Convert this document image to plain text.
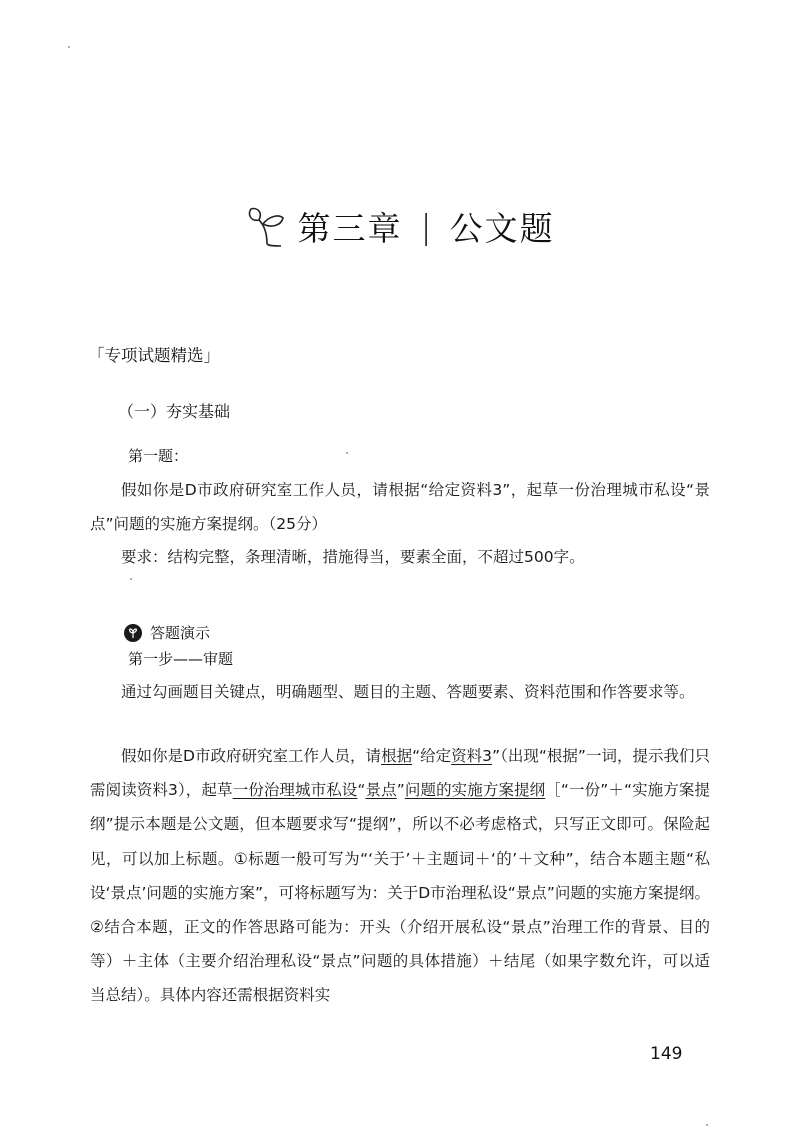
第三章 | 公文题
「专项试题精选」
（一）夯实基础
第一题：
假如你是D市政府研究室工作人员，请根据“给定资料3”，起草一份治理城市私设“景点”问题的实施方案提纲。（25分）
要求：结构完整，条理清晰，措施得当，要素全面，不超过500字。
答题演示
第一步——审题
通过勾画题目关键点，明确题型、题目的主题、答题要素、资料范围和作答要求等。
假如你是D市政府研究室工作人员，请根据“给定资料3”（出现“根据”一词，提示我们只需阅读资料3），起草一份治理城市私设“景点”问题的实施方案提纲［“一份”＋“实施方案提纲”提示本题是公文题，但本题要求写“提纲”，所以不必考虑格式，只写正文即可。保险起见，可以加上标题。①标题一般可写为“‘关于’＋主题词＋‘的’＋文种”，结合本题主题“私设‘景点’问题的实施方案”，可将标题写为：关于D市治理私设“景点”问题的实施方案提纲。②结合本题，正文的作答思路可能为：开头（介绍开展私设“景点”治理工作的背景、目的等）＋主体（主要介绍治理私设“景点”问题的具体措施）＋结尾（如果字数允许，可以适当总结）。具体内容还需根据资料实
149
